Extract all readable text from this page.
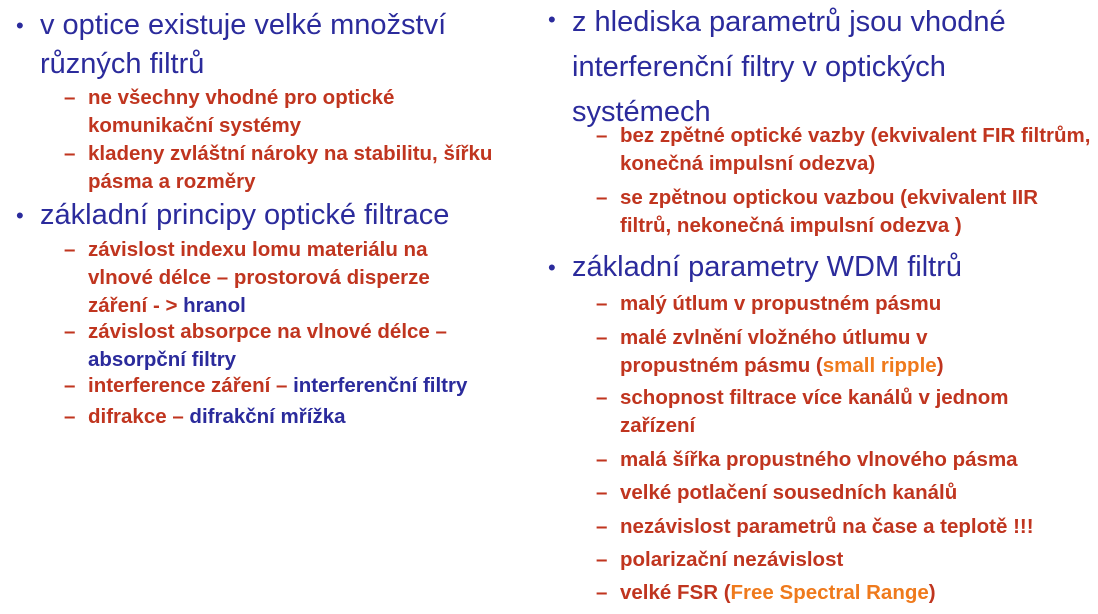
• v optice existuje velké množství různých filtrů
– ne všechny vhodné pro optické komunikační systémy
– kladeny zvláštní nároky na stabilitu, šířku pásma a rozměry
• základní principy optické filtrace
– závislost indexu lomu materiálu na vlnové délce – prostorová disperze záření - > hranol
– závislost absorpce na vlnové délce – absorpční filtry
– interference záření – interferenční filtry
– difrakce – difrakční mřížka
• z hlediska parametrů jsou vhodné interferenční filtry v optických systémech
– bez zpětné optické vazby (ekvivalent FIR filtrům, konečná impulsní odezva)
– se zpětnou optickou vazbou (ekvivalent IIR filtrů, nekonečná impulsní odezva )
• základní parametry WDM filtrů
– malý útlum v propustném pásmu
– malé zvlnění vložného útlumu v propustném pásmu (small ripple)
– schopnost filtrace více kanálů v jednom zařízení
– malá šířka propustného vlnového pásma
– velké potlačení sousedních kanálů
– nezávislost parametrů na čase a teplotě !!!
– polarizační nezávislost
– velké FSR (Free Spectral Range)
